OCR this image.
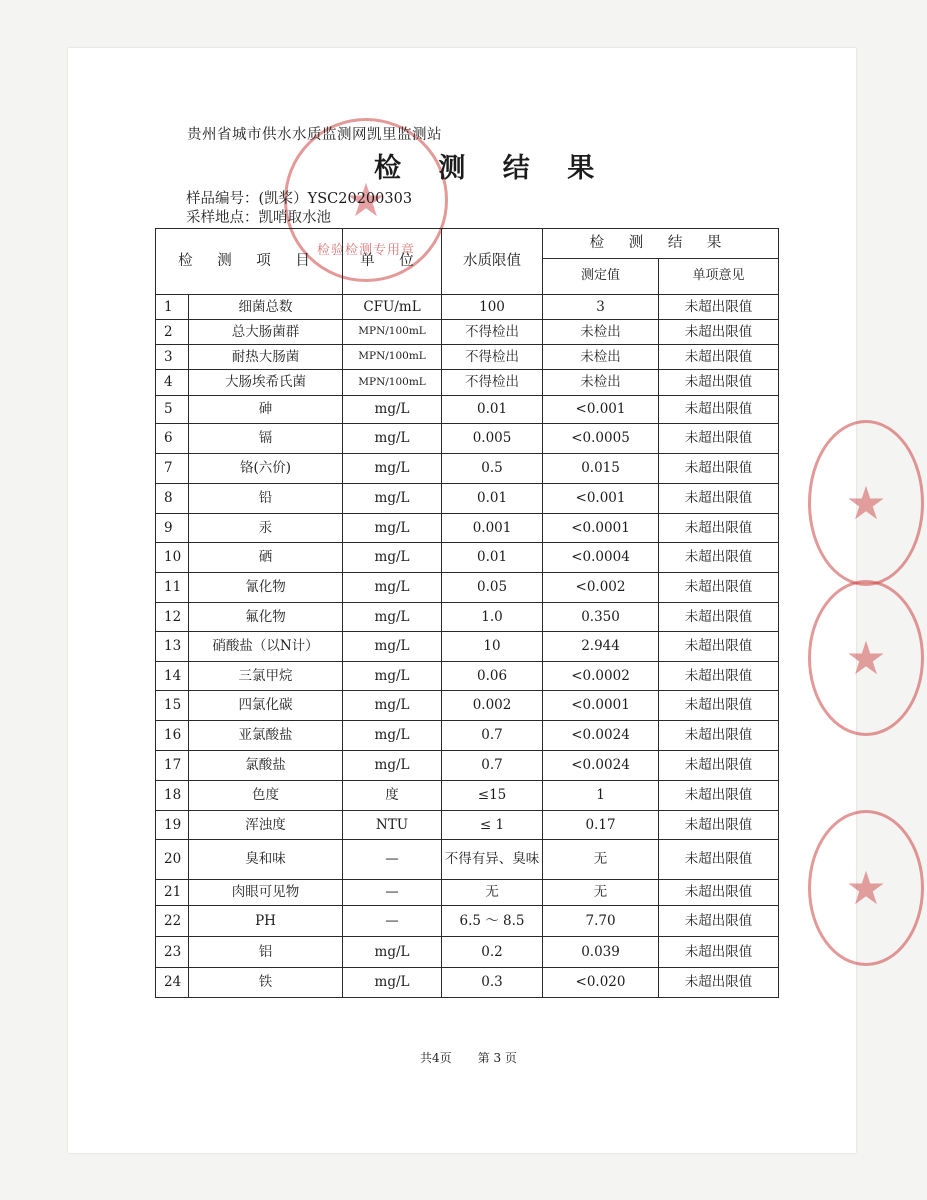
★
检验检测专用章
★
★
★
贵州省城市供水水质监测网凯里监测站
检 测 结 果
样品编号：(凯桨）YSC20200303
采样地点：凯哨取水池
检 测 项 目		单 位	水质限值	检 测 结 果	
				测定值	单项意见
1	细菌总数	CFU/mL	100	3	未超出限值
2	总大肠菌群	MPN/100mL	不得检出	未检出	未超出限值
3	耐热大肠菌	MPN/100mL	不得检出	未检出	未超出限值
4	大肠埃希氏菌	MPN/100mL	不得检出	未检出	未超出限值
5	砷	mg/L	0.01	<0.001	未超出限值
6	镉	mg/L	0.005	<0.0005	未超出限值
7	铬(六价)	mg/L	0.5	0.015	未超出限值
8	铅	mg/L	0.01	<0.001	未超出限值
9	汞	mg/L	0.001	<0.0001	未超出限值
10	硒	mg/L	0.01	<0.0004	未超出限值
11	氰化物	mg/L	0.05	<0.002	未超出限值
12	氟化物	mg/L	1.0	0.350	未超出限值
13	硝酸盐（以N计）	mg/L	10	2.944	未超出限值
14	三氯甲烷	mg/L	0.06	<0.0002	未超出限值
15	四氯化碳	mg/L	0.002	<0.0001	未超出限值
16	亚氯酸盐	mg/L	0.7	<0.0024	未超出限值
17	氯酸盐	mg/L	0.7	<0.0024	未超出限值
18	色度	度	≤15	1	未超出限值
19	浑浊度	NTU	≤ 1	0.17	未超出限值
20	臭和味	—	不得有异、臭味	无	未超出限值
21	肉眼可见物	—	无	无	未超出限值
22	PH	—	6.5 ～ 8.5	7.70	未超出限值
23	铝	mg/L	0.2	0.039	未超出限值
24	铁	mg/L	0.3	<0.020	未超出限值
共4页 第 3 页
